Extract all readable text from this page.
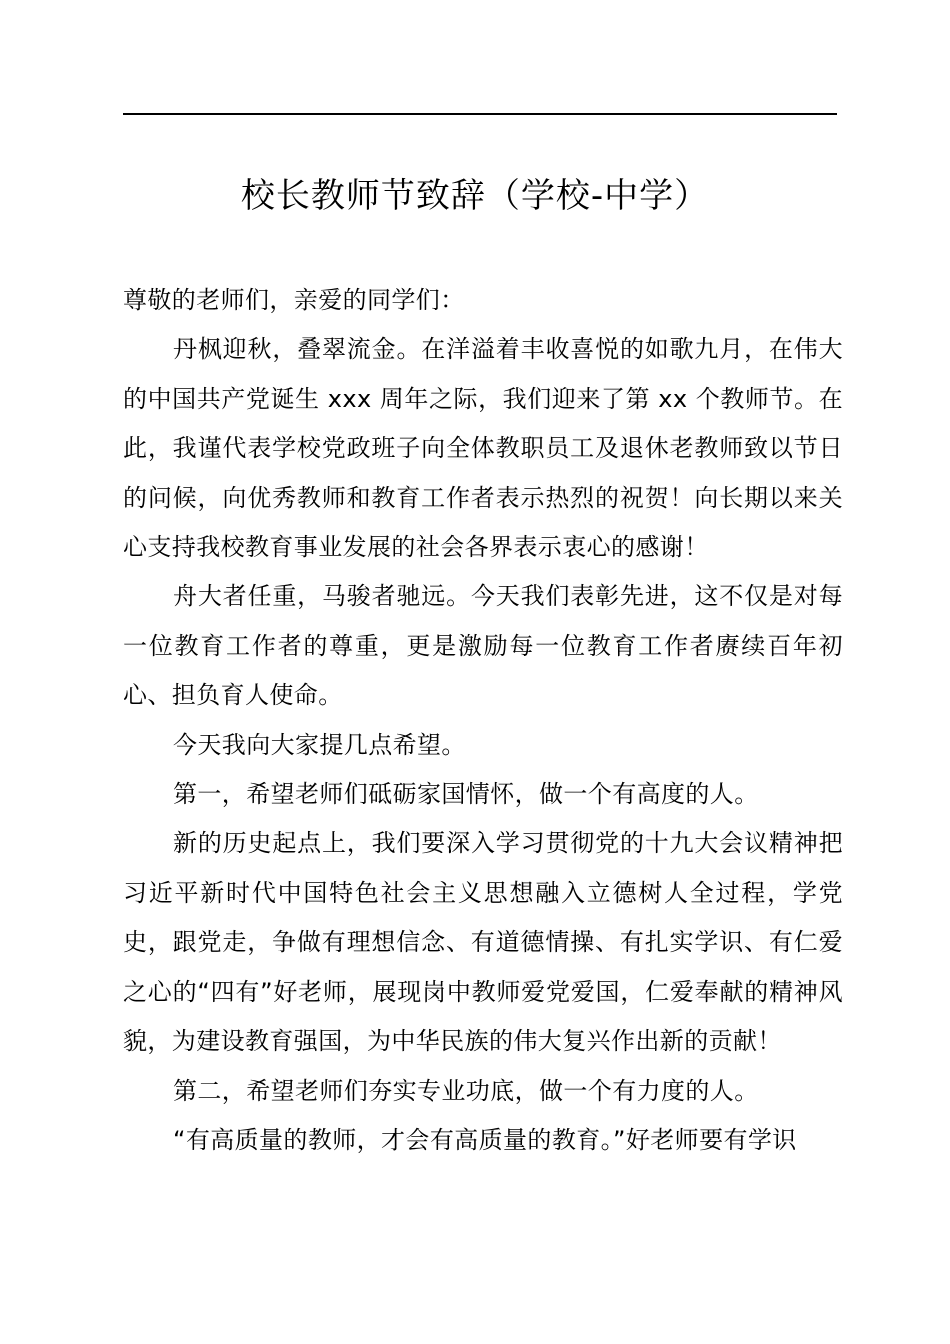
校长教师节致辞（学校-中学）

尊敬的老师们，亲爱的同学们：

丹枫迎秋，叠翠流金。在洋溢着丰收喜悦的如歌九月，在伟大的中国共产党诞生 xxx 周年之际，我们迎来了第 xx 个教师节。在此，我谨代表学校党政班子向全体教职员工及退休老教师致以节日的问候，向优秀教师和教育工作者表示热烈的祝贺！向长期以来关心支持我校教育事业发展的社会各界表示衷心的感谢！

舟大者任重，马骏者驰远。今天我们表彰先进，这不仅是对每一位教育工作者的尊重，更是激励每一位教育工作者赓续百年初心、担负育人使命。

今天我向大家提几点希望。

第一，希望老师们砥砺家国情怀，做一个有高度的人。

新的历史起点上，我们要深入学习贯彻党的十九大会议精神把习近平新时代中国特色社会主义思想融入立德树人全过程，学党史，跟党走，争做有理想信念、有道德情操、有扎实学识、有仁爱之心的“四有”好老师，展现岗中教师爱党爱国，仁爱奉献的精神风貌，为建设教育强国，为中华民族的伟大复兴作出新的贡献！

第二，希望老师们夯实专业功底，做一个有力度的人。

“有高质量的教师，才会有高质量的教育。”好老师要有学识
